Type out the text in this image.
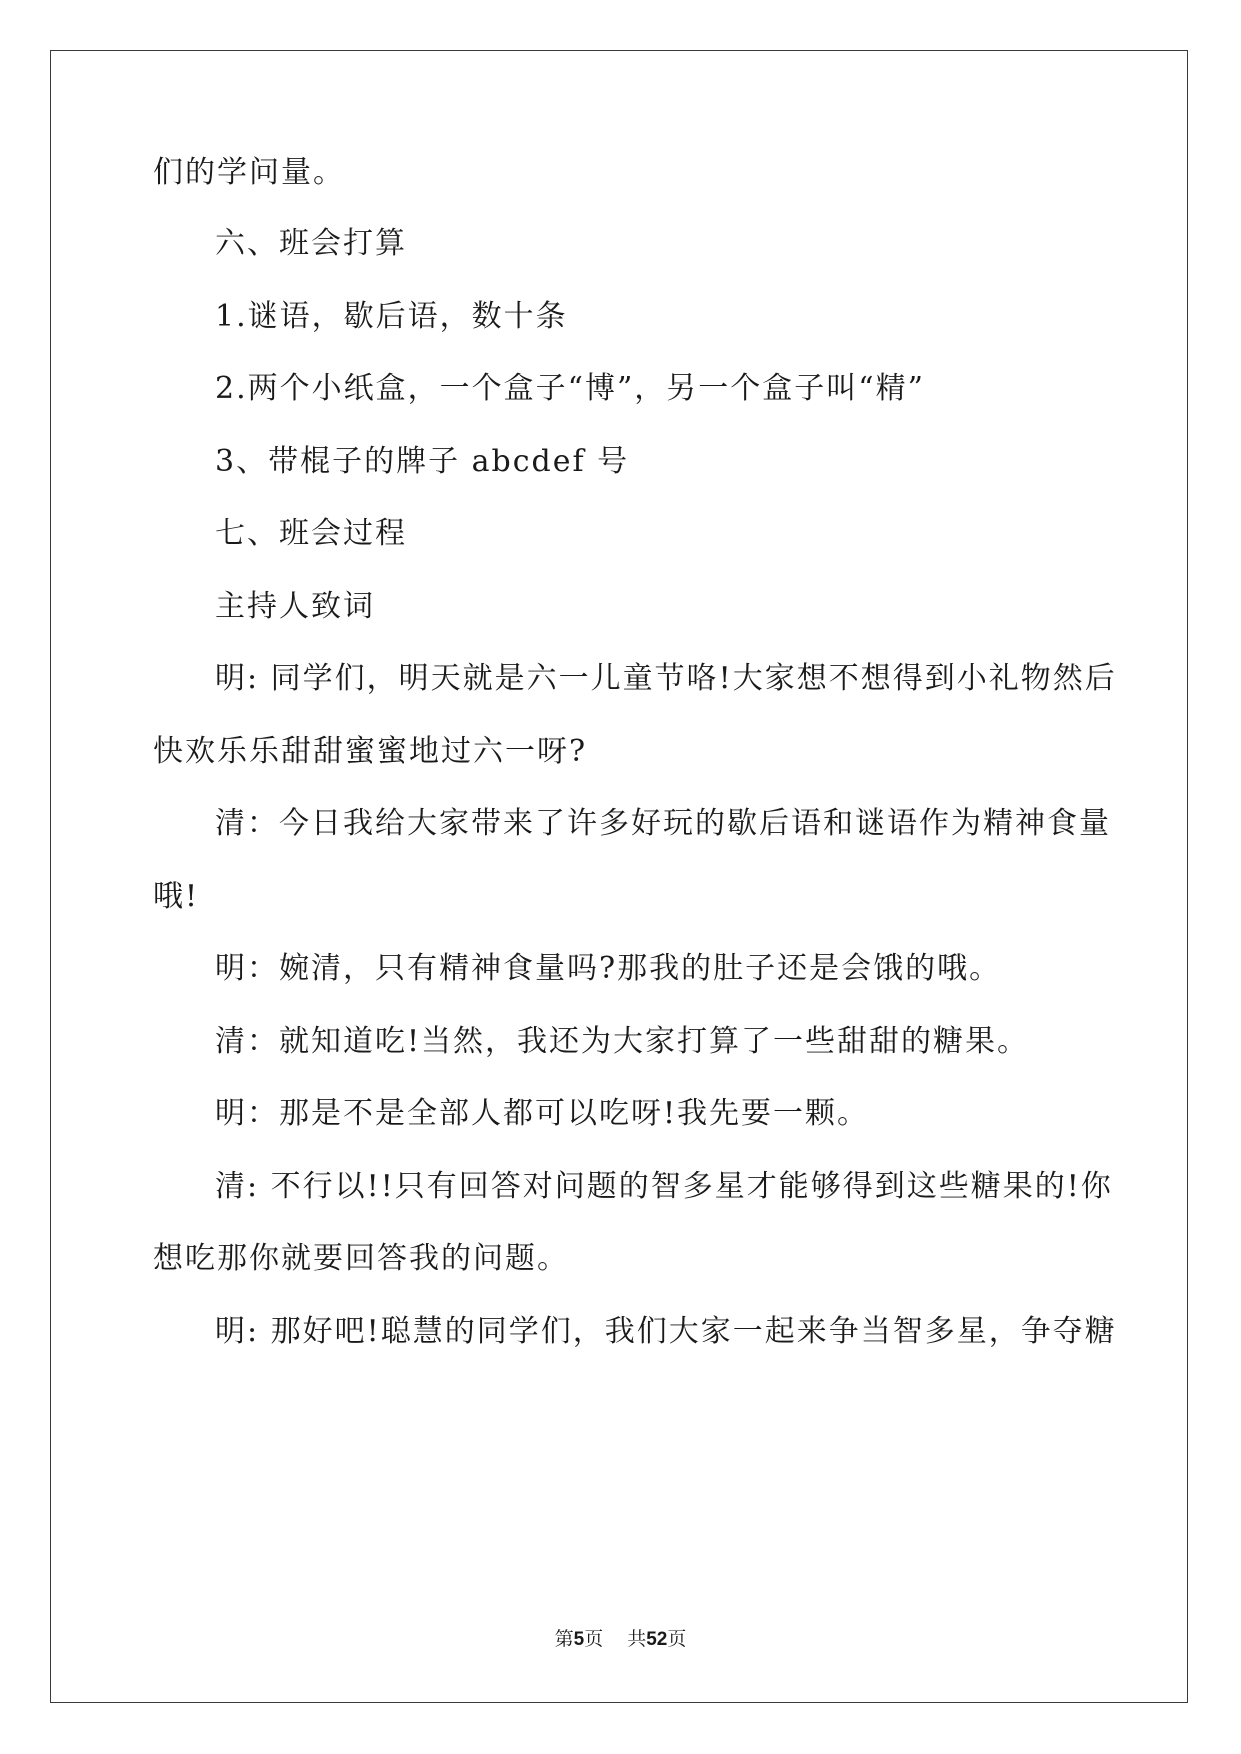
们的学问量。
六、班会打算
1.谜语，歇后语，数十条
2.两个小纸盒，一个盒子“博”，另一个盒子叫“精”
3、带棍子的牌子 abcdef 号
七、班会过程
主持人致词
明: 同学们，明天就是六一儿童节咯!大家想不想得到小礼物然后
快欢乐乐甜甜蜜蜜地过六一呀?
清：今日我给大家带来了许多好玩的歇后语和谜语作为精神食量
哦!
明：婉清，只有精神食量吗?那我的肚子还是会饿的哦。
清：就知道吃!当然，我还为大家打算了一些甜甜的糖果。
明：那是不是全部人都可以吃呀!我先要一颗。
清: 不行以!!只有回答对问题的智多星才能够得到这些糖果的!你
想吃那你就要回答我的问题。
明: 那好吧!聪慧的同学们，我们大家一起来争当智多星，争夺糖
第5页 共52页
